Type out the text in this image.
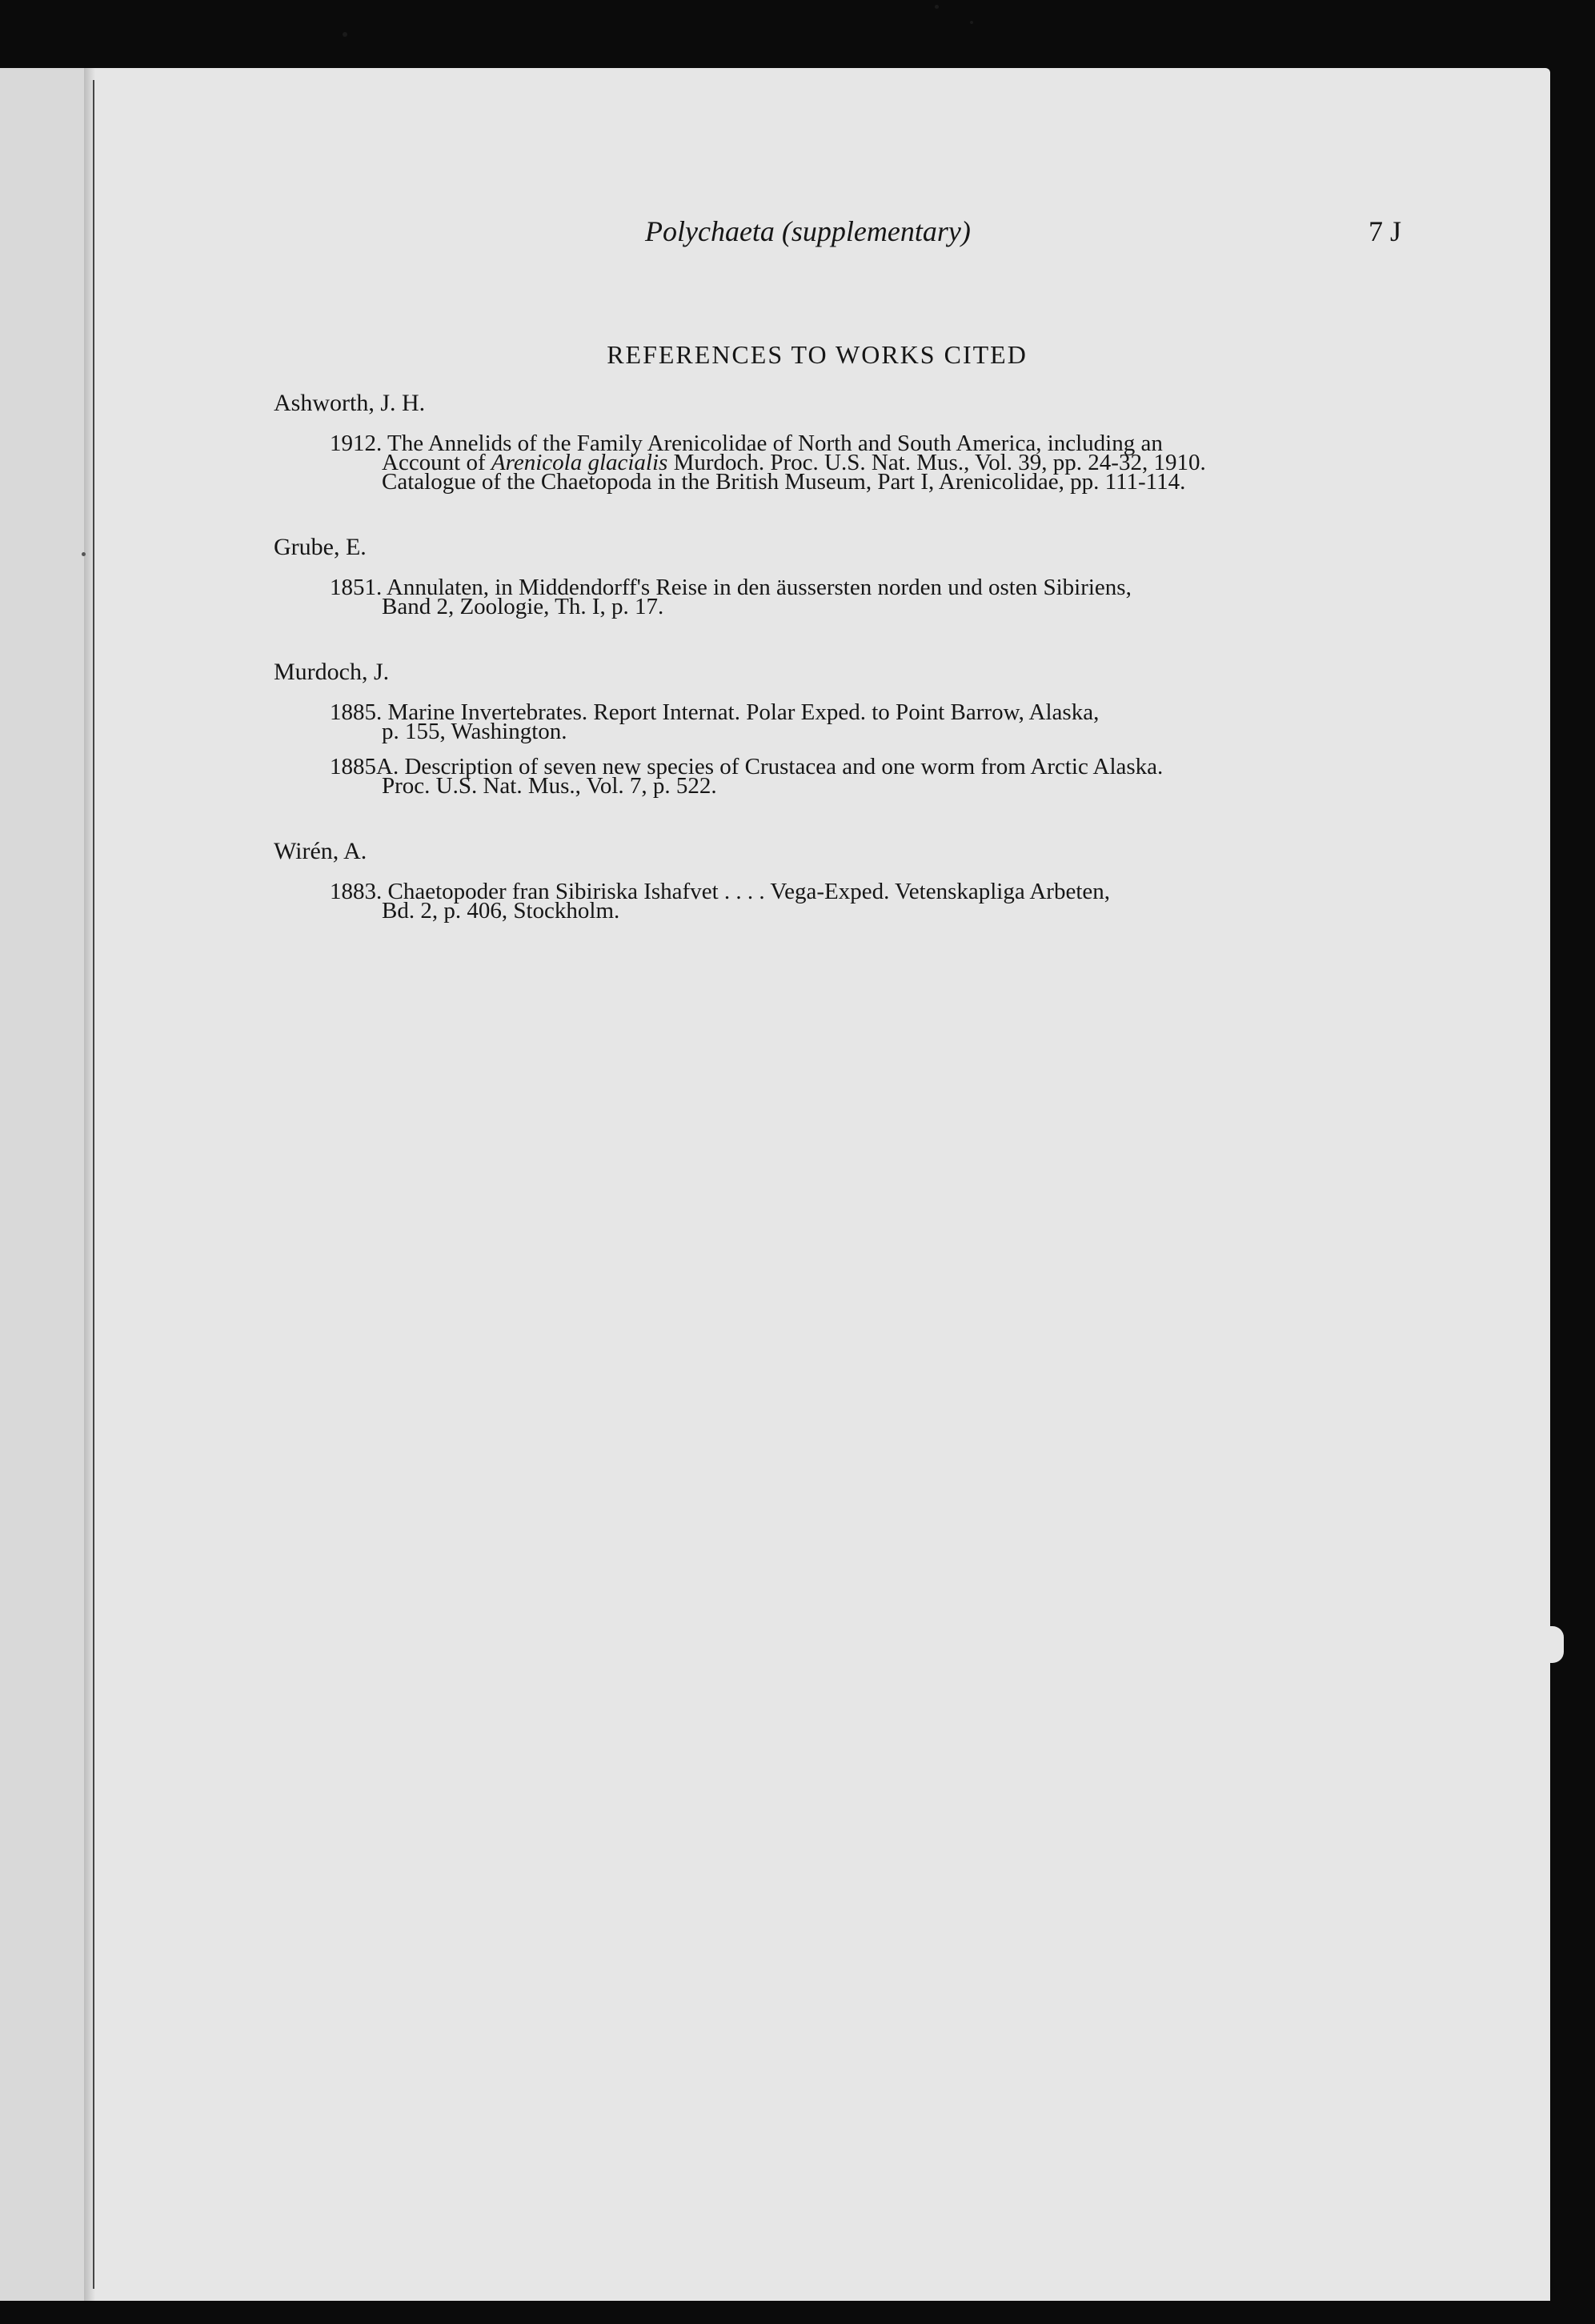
Polychaeta (supplementary)	7 J
REFERENCES TO WORKS CITED
Ashworth, J. H.
1912. The Annelids of the Family Arenicolidae of North and South America, including an
Account of Arenicola glacialis Murdoch. Proc. U.S. Nat. Mus., Vol. 39, pp. 24-32, 1910.
Catalogue of the Chaetopoda in the British Museum, Part I, Arenicolidae, pp. 111-114.
Grube, E.
1851. Annulaten, in Middendorff's Reise in den äussersten norden und osten Sibiriens,
Band 2, Zoologie, Th. I, p. 17.
Murdoch, J.
1885. Marine Invertebrates. Report Internat. Polar Exped. to Point Barrow, Alaska,
p. 155, Washington.
1885A. Description of seven new species of Crustacea and one worm from Arctic Alaska.
Proc. U.S. Nat. Mus., Vol. 7, p. 522.
Wirén, A.
1883. Chaetopoder fran Sibiriska Ishafvet . . . . Vega-Exped. Vetenskapliga Arbeten,
Bd. 2, p. 406, Stockholm.
